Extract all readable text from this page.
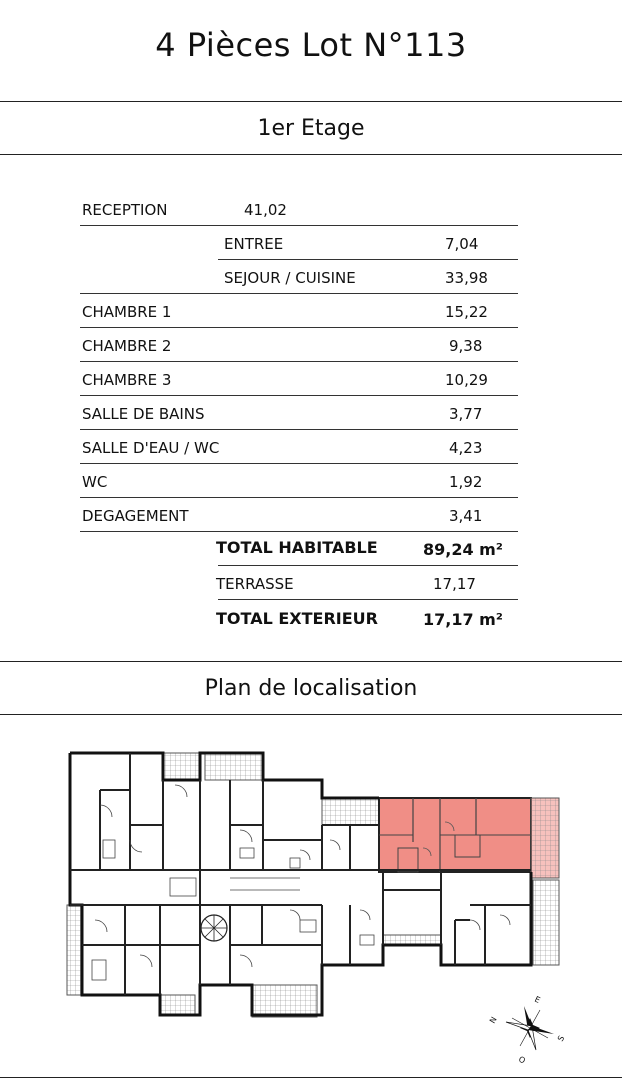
4 Pièces Lot N°113
1er Etage
RECEPTION	41,02
ENTREE	7,04
SEJOUR / CUISINE	33,98
CHAMBRE 1	15,22
CHAMBRE 2	9,38
CHAMBRE 3	10,29
SALLE DE BAINS	3,77
SALLE D'EAU / WC	4,23
WC	1,92
DEGAGEMENT	3,41
TOTAL HABITABLE	89,24 m²
TERRASSE	17,17
TOTAL EXTERIEUR	17,17 m²
Plan de localisation
N
E
S
O
